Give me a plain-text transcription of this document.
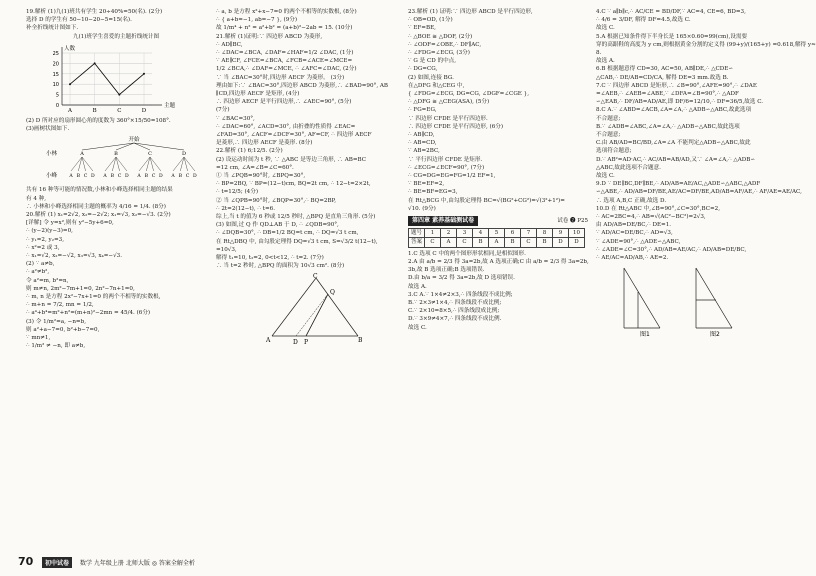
19.解析 (1)九(1)班共有学生 20÷40%=50(名). (2分)

选择 D 的学生有 50−10−20−5=15(名).

补全折线统计图如下.

九(1)班学生喜爱的主题折线统计图

0
5
10
15
20
25
人数
主题
A	B	C	D

(2) D 所对应的扇形圆心角的度数为 360°×15/50=108°.

(3)画树状图如下.

开始
小林
小峰
A
A B C D
B
A B C D
C
A B C D
D
A B C D

共有 16 种等可能的情况数,小林和小峰选择相同主题的结果

有 4 种,

∴ 小林和小峰选择相同主题的概率为 4/16 = 1/4. (8分)

20.解析 (1) x₁=2√2, x₂=−2√2; x₁=√3, x₂=−√3. (2分)

[详解] 令 y=x²,则有 y²−5y+6=0,

∴ (y−2)(y−3)=0,

∴ y₁=2, y₂=3,

∴ x²=2 或 3,

∴ x₁=√2, x₂=−√2, x₃=√3, x₄=−√3.

(2) ∵ a≠b,

∴ a²≠b²,

令 a²=m, b²=n,

则 m≠n, 2m²−7m+1=0, 2n²−7n+1=0,

∴ m, n 是方程 2x²−7x+1=0 的两个不相等的实数根,

∴ m+n = 7/2, mn = 1/2,

∴ a⁴+b⁴=m²+n²=(m+n)²−2mn = 45/4. (6分)

(3) 令 1/m²=a, −n=b,

则 a²+a−7=0, b²+b−7=0,

∵ mn≠1,

∴ 1/m² ≠ −n, 即 a≠b,

∴ a, b 是方程 x²+x−7=0 的两个不相等的实数根, (8分)

∴ { a+b=−1, ab=−7 }, (9分)

故 1/m⁴ + n² = a²+b² = (a+b)²−2ab = 15. (10分)

21.解析 (1)证明:∵ 四边形 ABCD 为菱形,

∴ AD∥BC,

∴ ∠DAC=∠BCA, ∠DAF=∠HAF=1/2 ∠DAC, (1分)

∵ AE∥CF, ∠FCE=∠BCA, ∠FCB=∠ACE=∠MCE=

1/2 ∠BCA,∴ ∠DAF=∠MCE, ∴ ∠AFC=∠DAC, (2分)

∵ 当 ∠BAC=30°时,四边形 AECF 为菱形。 (3分)

理由如下:∵ ∠BAC=30°,四边形 ABCD 为菱形,∴ ∠BAD=90°, AB

∥CD,四边形 AECF 是矩形, (4分)

∴ 四边形 AECF 是平行四边形,∴ ∠AEC=90°, (5分)

(7分)

∵ ∠BAC=30°,

∴ ∠DAC=60°, ∠ACD=30°, 由折叠的性质得 ∠EAC=

∠FAD=30°, ∠ACF=∠DCF=30°, AF=CF, ∴ 四边形 AECF

是菱形,∴ 四边形 AECF 是菱形. (8分)

22.解析 (1) 6;12/5. (2分)

(2) 设运动时间为 t 秒, ∵ △ABC 是等边三角形, ∴ AB=BC

=12 cm, ∠A=∠B=∠C=60°.

① 当 ∠PQB=90°时, ∠BPQ=30°,

∴ BP=2BQ, ∵ BP=(12−t)cm, BQ=2t cm, ∴ 12−t=2×2t,

∴ t=12/5; (4分)

② 当 ∠QPB=90°时, ∠BQP=30°,∴ BQ=2BP,

∴ 2t=2(12−t), ∴ t=6.

综上,当 t 的值为 6 秒或 12/5 秒时, △BPQ 是直角三角形. (5分)

(3) 如图,过 Q 作 QD⊥AB 于 D, ∴ ∠QDB=90°,

∴ ∠DQB=30°, ∴ DB=1/2 BQ=t cm, ∴ DQ=√3 t cm,

在 Rt△DBQ 中, 由勾股定理得 DQ=√3 t cm, S=√3/2 t(12−t),

=10√3,

解得 t₁=10, t₂=2, 0<t<12, ∴ t=2. (7分)

∴ 当 t=2 秒时, △BPQ 的面积为 10√3 cm². (8分)

C
A	B
Q
P
D

23.解析 (1) 证明:∵ 四边形 ABCD 是平行四边形,

∴ OB=OD, (1分)

∵ EF=BE,

∴ △BOE ≅ △DOF, (2分)

∴ ∠ODF=∠OBE,∴ DF∥AC,

∴ ∠FDG=∠ECG, (3分)

∵ G 是 CD 的中点,

∴ DG=CG,

(2) 如图,连接 BG.

在△DFG 和△CEG 中,

{ ∠FDG=∠ECG, DG=CG, ∠DGF=∠CGE },

∴ △DFG ≅ △CEG(ASA), (5分)

∴ FG=EG,

∵ 四边形 CFDE 是平行四边形.

∴ 四边形 CFDE 是平行四边形, (6分)

∴ AB∥CD,

∴ AB=CD,

∵ AB=2BC,

∵ 平行四边形 CFDE 是矩形.

∴ ∠ECG=∠ECF=90°, (7分)

∴ CG=DG=EG=FG=1/2 EF=1,

∵ BE=EF=2,

∴ BE=BF=EG=3,

在 Rt△BCG 中,由勾股定理得 BC=√(BG²+CG²)=√(3²+1²)=

√10. (9分)

第四章 素养基础测试卷	试卷 ➋ P25
题号	1	2	3	4	5	6	7	8	9	10
答案	C	A	C	B	A	B	C	B	D	D

1.C 选项 C 中的两个图形形状相同,是相似图形.

2.A 由 a/b = 2/3 得 3a=2b,故 A 选项正确;C 由 a/b = 2/3 得 3a=2b,

3b,故 B 选项正确;B 选项错误.

D.由 b/a = 3/2 得 3a=2b,故 D 选项错误.

故选 A.

3.C A.∵ 1×4≠2×3,∴ 四条线段不成比例;

B.∵ 2×3≠1×4,∴ 四条线段不成比例;

C.∵ 2×10=8×5,∴ 四条线段成比例;

D.∵ 3×9≠4×7,∴ 四条线段不成比例.

故选 C.

4.C ∵ a∥b∥c,∴ AC/CE = BD/DF,∵ AC=4, CE=6, BD=3,

∴ 4/6 = 3/DF, 解得 DF=4.5,故选 C.

故选 C.

5.A 根据已知条件得下半身长是 165×0.60=99(cm),设需要

穿的高跟鞋的高度为 y cm,则根据黄金分割的定义得 (99+y)/(165+y) =0.618,解得 y≈

8.

故选 A.

6.B 根据题意得 CD=30, AC=50, AB∥DE,∴ △CDE∽

△CAB,∴ DE/AB=CD/CA, 解得 DE=3 mm.故选 B.

7.C ∵ 四边形 ABCD 是矩形,∴ ∠B=90°,∠AFE=90°,∴ ∠DAE

=∠AEB,∴ ∠AEB=∠ABE,∵ ∠DFA=∠B=90°,∴ △ADF

∽△EAB,∴ DF/AB=AD/AE,即 DF/6=12/10,∴ DF=36/5,故选 C.

8.C A.∵ ∠ABD=∠ACB,∠A=∠A,∴ △ADB∽△ABC,故此选项

不合题意;

B.∵ ∠ADB=∠ABC,∠A=∠A,∴ △ADB∽△ABC,故此选项

不合题意;

C.由 AB/AD=BC/BD,∠A=∠A 不能判定△ADB∽△ABC,故此

选项符合题意;

D.∵ AB²=AD·AC,∴ AC/AB=AB/AD,又∵ ∠A=∠A,∴ △ADB∽

△ABC,故此选项不合题意.

故选 C.

9.D ∵ DE∥BC,DF∥BE,∴ AD/AB=AE/AC,△ADE∽△ABC,△ADF

∽△ABE,∴ AD/AB=DF/BE,AE/AC=DF/BE,AD/AB=AF/AE,∴ AF/AE=AE/AC,

∴ 选项 A,B,C 正确,故选 D.

10.D 在 Rt△ABC 中,∠B=90°,∠C=30°,BC=2,

∴ AC=2BC=4,∴ AB=√(AC²−BC²)=2√3,

由 AD/AB=DE/BC,∴ DE=1.

∵ AD/AC=DE/BC,∴ AD=√3,

∵ ∠ADE=90°,∴ △ADE∽△ABC,

∴ ∠ADE=∠C=30°,∴ AD/AB=AE/AC,∴ AD/AB=DE/BC,

∴ AE/AC=AD/AB,∴ AE=2.

图1	图2
70	初中试卷	数学 九年级上册 北师大版 ◎ 答案全解全析
